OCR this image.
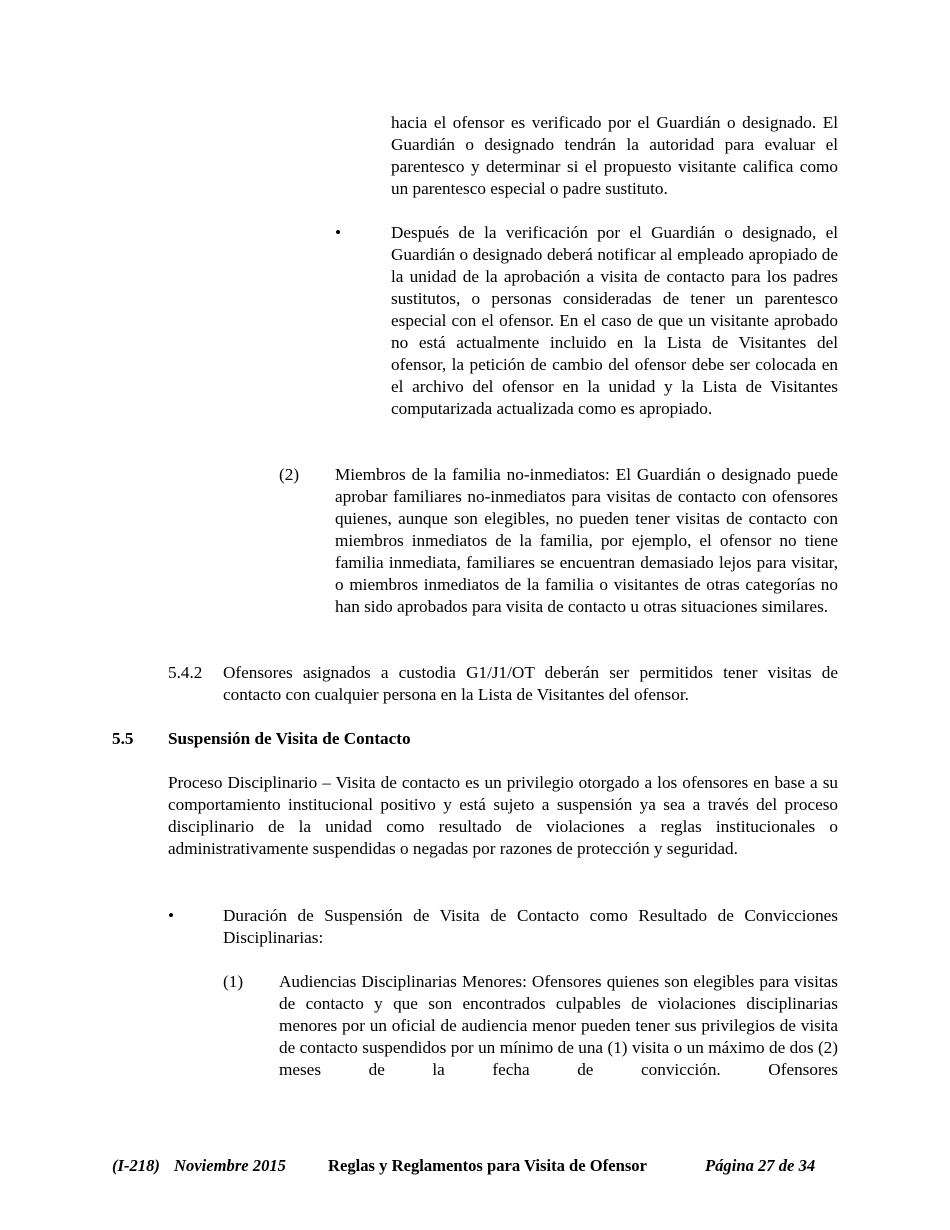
hacia el ofensor es verificado por el Guardián o designado. El Guardián o designado tendrán la autoridad para evaluar el parentesco y determinar si el propuesto visitante califica como un parentesco especial o padre sustituto.

•	Después de la verificación por el Guardián o designado, el Guardián o designado deberá notificar al empleado apropiado de la unidad de la aprobación a visita de contacto para los padres sustitutos, o personas consideradas de tener un parentesco especial con el ofensor. En el caso de que un visitante aprobado no está actualmente incluido en la Lista de Visitantes del ofensor, la petición de cambio del ofensor debe ser colocada en el archivo del ofensor en la unidad y la Lista de Visitantes computarizada actualizada como es apropiado.

(2) Miembros de la familia no-inmediatos: El Guardián o designado puede aprobar familiares no-inmediatos para visitas de contacto con ofensores quienes, aunque son elegibles, no pueden tener visitas de contacto con miembros inmediatos de la familia, por ejemplo, el ofensor no tiene familia inmediata, familiares se encuentran demasiado lejos para visitar, o miembros inmediatos de la familia o visitantes de otras categorías no han sido aprobados para visita de contacto u otras situaciones similares.

5.4.2 Ofensores asignados a custodia G1/J1/OT deberán ser permitidos tener visitas de contacto con cualquier persona en la Lista de Visitantes del ofensor.

5.5 Suspensión de Visita de Contacto

Proceso Disciplinario – Visita de contacto es un privilegio otorgado a los ofensores en base a su comportamiento institucional positivo y está sujeto a suspensión ya sea a través del proceso disciplinario de la unidad como resultado de violaciones a reglas institucionales o administrativamente suspendidas o negadas por razones de protección y seguridad.

•	Duración de Suspensión de Visita de Contacto como Resultado de Convicciones Disciplinarias:

(1) Audiencias Disciplinarias Menores: Ofensores quienes son elegibles para visitas de contacto y que son encontrados culpables de violaciones disciplinarias menores por un oficial de audiencia menor pueden tener sus privilegios de visita de contacto suspendidos por un mínimo de una (1) visita o un máximo de dos (2) meses de la fecha de convicción. Ofensores

(I-218) Noviembre 2015	Reglas y Reglamentos para Visita de Ofensor	Página 27 de 34
